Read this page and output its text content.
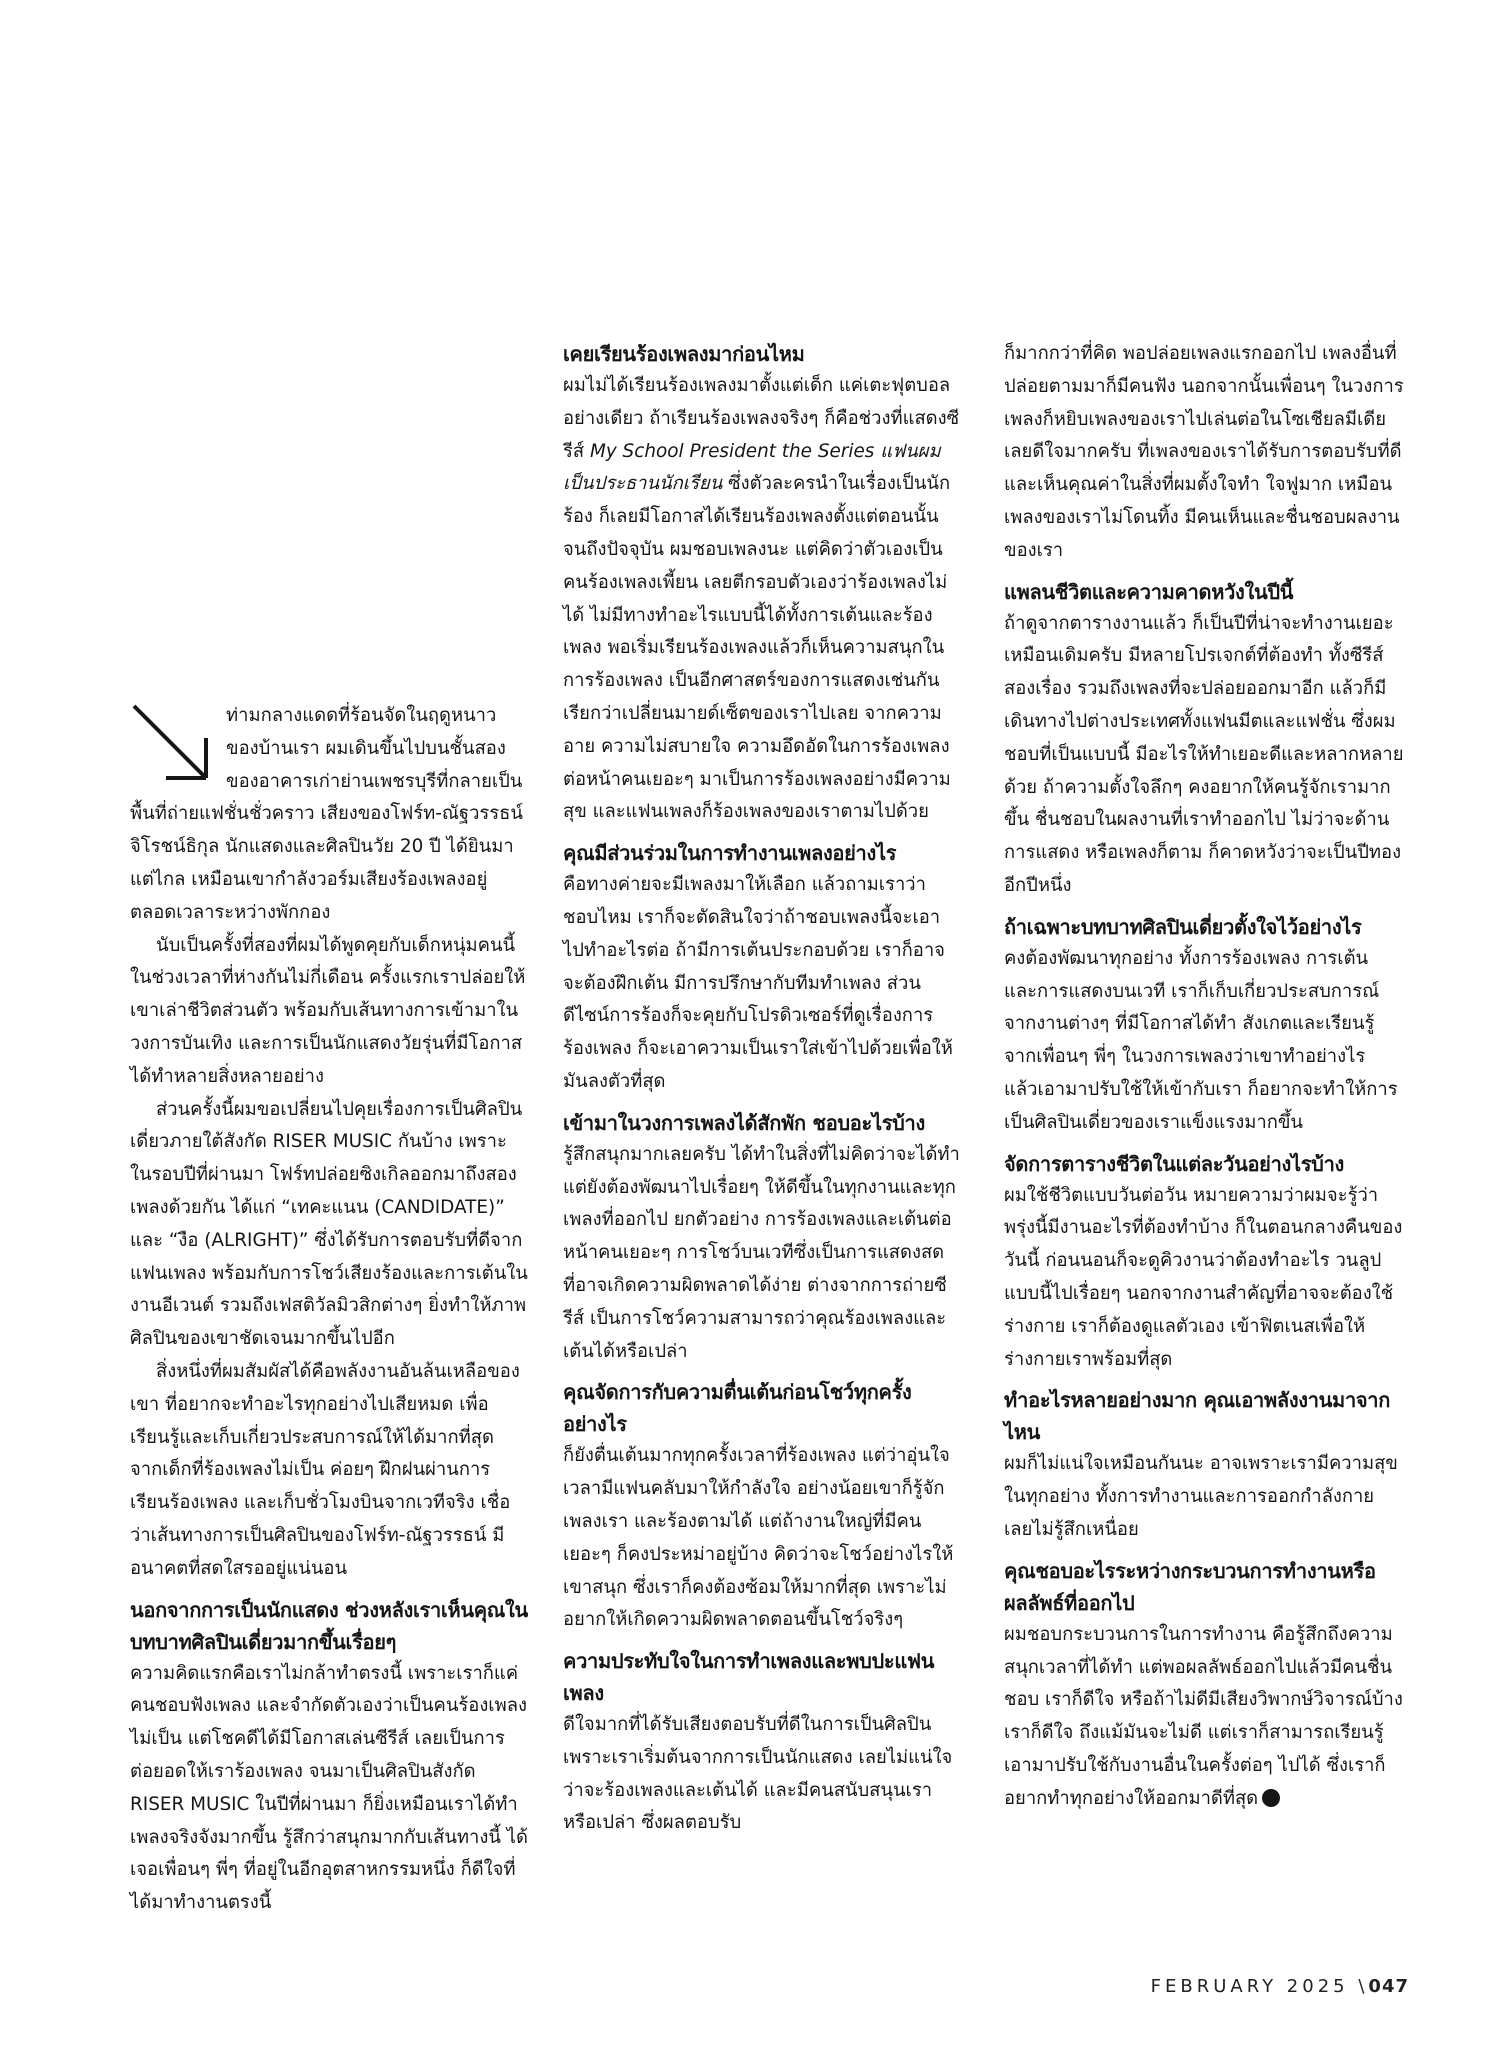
ท่ามกลางแดดที่ร้อนจัดในฤดูหนาวของบ้านเรา ผมเดินขึ้นไปบนชั้นสองของอาคารเก่าย่านเพชรบุรีที่กลายเป็นพื้นที่ถ่ายแฟชั่นชั่วคราว เสียงของโฟร์ท-ณัฐวรรธน์ จิโรชน์ธิกุล นักแสดงและศิลปินวัย 20 ปี ได้ยินมาแต่ไกล เหมือนเขากำลังวอร์มเสียงร้องเพลงอยู่ตลอดเวลาระหว่างพักกอง

นับเป็นครั้งที่สองที่ผมได้พูดคุยกับเด็กหนุ่มคนนี้ ในช่วงเวลาที่ห่างกันไม่กี่เดือน ครั้งแรกเราปล่อยให้เขาเล่าชีวิตส่วนตัว พร้อมกับเส้นทางการเข้ามาในวงการบันเทิง และการเป็นนักแสดงวัยรุ่นที่มีโอกาสได้ทำหลายสิ่งหลายอย่าง

ส่วนครั้งนี้ผมขอเปลี่ยนไปคุยเรื่องการเป็นศิลปินเดี่ยวภายใต้สังกัด RISER MUSIC กันบ้าง เพราะในรอบปีที่ผ่านมา โฟร์ทปล่อยซิงเกิลออกมาถึงสองเพลงด้วยกัน ได้แก่ “เทคะแนน (CANDIDATE)” และ “งือ (ALRIGHT)” ซึ่งได้รับการตอบรับที่ดีจากแฟนเพลง พร้อมกับการโชว์เสียงร้องและการเต้นในงานอีเวนต์ รวมถึงเฟสติวัลมิวสิกต่างๆ ยิ่งทำให้ภาพศิลปินของเขาชัดเจนมากขึ้นไปอีก

สิ่งหนึ่งที่ผมสัมผัสได้คือพลังงานอันล้นเหลือของเขา ที่อยากจะทำอะไรทุกอย่างไปเสียหมด เพื่อเรียนรู้และเก็บเกี่ยวประสบการณ์ให้ได้มากที่สุด จากเด็กที่ร้องเพลงไม่เป็น ค่อยๆ ฝึกฝนผ่านการเรียนร้องเพลง และเก็บชั่วโมงบินจากเวทีจริง เชื่อว่าเส้นทางการเป็นศิลปินของโฟร์ท-ณัฐวรรธน์ มีอนาคตที่สดใสรออยู่แน่นอน

นอกจากการเป็นนักแสดง ช่วงหลังเราเห็นคุณในบทบาทศิลปินเดี่ยวมากขึ้นเรื่อยๆ

ความคิดแรกคือเราไม่กล้าทำตรงนี้ เพราะเราก็แค่คนชอบฟังเพลง และจำกัดตัวเองว่าเป็นคนร้องเพลงไม่เป็น แต่โชคดีได้มีโอกาสเล่นซีรีส์ เลยเป็นการต่อยอดให้เราร้องเพลง จนมาเป็นศิลปินสังกัด RISER MUSIC ในปีที่ผ่านมา ก็ยิ่งเหมือนเราได้ทำเพลงจริงจังมากขึ้น รู้สึกว่าสนุกมากกับเส้นทางนี้ ได้เจอเพื่อนๆ พี่ๆ ที่อยู่ในอีกอุตสาหกรรมหนึ่ง ก็ดีใจที่ได้มาทำงานตรงนี้

เคยเรียนร้องเพลงมาก่อนไหม

ผมไม่ได้เรียนร้องเพลงมาตั้งแต่เด็ก แค่เตะฟุตบอลอย่างเดียว ถ้าเรียนร้องเพลงจริงๆ ก็คือช่วงที่แสดงซีรีส์ My School President the Series แฟนผมเป็นประธานนักเรียน ซึ่งตัวละครนำในเรื่องเป็นนักร้อง ก็เลยมีโอกาสได้เรียนร้องเพลงตั้งแต่ตอนนั้นจนถึงปัจจุบัน ผมชอบเพลงนะ แต่คิดว่าตัวเองเป็นคนร้องเพลงเพี้ยน เลยตีกรอบตัวเองว่าร้องเพลงไม่ได้ ไม่มีทางทำอะไรแบบนี้ได้ทั้งการเต้นและร้องเพลง พอเริ่มเรียนร้องเพลงแล้วก็เห็นความสนุกในการร้องเพลง เป็นอีกศาสตร์ของการแสดงเช่นกัน เรียกว่าเปลี่ยนมายด์เซ็ตของเราไปเลย จากความอาย ความไม่สบายใจ ความอึดอัดในการร้องเพลงต่อหน้าคนเยอะๆ มาเป็นการร้องเพลงอย่างมีความสุข และแฟนเพลงก็ร้องเพลงของเราตามไปด้วย

คุณมีส่วนร่วมในการทำงานเพลงอย่างไร

คือทางค่ายจะมีเพลงมาให้เลือก แล้วถามเราว่าชอบไหม เราก็จะตัดสินใจว่าถ้าชอบเพลงนี้จะเอาไปทำอะไรต่อ ถ้ามีการเต้นประกอบด้วย เราก็อาจจะต้องฝึกเต้น มีการปรึกษากับทีมทำเพลง ส่วนดีไซน์การร้องก็จะคุยกับโปรดิวเซอร์ที่ดูเรื่องการร้องเพลง ก็จะเอาความเป็นเราใส่เข้าไปด้วยเพื่อให้มันลงตัวที่สุด

เข้ามาในวงการเพลงได้สักพัก ชอบอะไรบ้าง

รู้สึกสนุกมากเลยครับ ได้ทำในสิ่งที่ไม่คิดว่าจะได้ทำ แต่ยังต้องพัฒนาไปเรื่อยๆ ให้ดีขึ้นในทุกงานและทุกเพลงที่ออกไป ยกตัวอย่าง การร้องเพลงและเต้นต่อหน้าคนเยอะๆ การโชว์บนเวทีซึ่งเป็นการแสดงสด ที่อาจเกิดความผิดพลาดได้ง่าย ต่างจากการถ่ายซีรีส์ เป็นการโชว์ความสามารถว่าคุณร้องเพลงและเต้นได้หรือเปล่า

คุณจัดการกับความตื่นเต้นก่อนโชว์ทุกครั้งอย่างไร

ก็ยังตื่นเต้นมากทุกครั้งเวลาที่ร้องเพลง แต่ว่าอุ่นใจเวลามีแฟนคลับมาให้กำลังใจ อย่างน้อยเขาก็รู้จักเพลงเรา และร้องตามได้ แต่ถ้างานใหญ่ที่มีคนเยอะๆ ก็คงประหม่าอยู่บ้าง คิดว่าจะโชว์อย่างไรให้เขาสนุก ซึ่งเราก็คงต้องซ้อมให้มากที่สุด เพราะไม่อยากให้เกิดความผิดพลาดตอนขึ้นโชว์จริงๆ

ความประทับใจในการทำเพลงและพบปะแฟนเพลง

ดีใจมากที่ได้รับเสียงตอบรับที่ดีในการเป็นศิลปิน เพราะเราเริ่มต้นจากการเป็นนักแสดง เลยไม่แน่ใจว่าจะร้องเพลงและเต้นได้ และมีคนสนับสนุนเราหรือเปล่า ซึ่งผลตอบรับ

ก็มากกว่าที่คิด พอปล่อยเพลงแรกออกไป เพลงอื่นที่ปล่อยตามมาก็มีคนฟัง นอกจากนั้นเพื่อนๆ ในวงการเพลงก็หยิบเพลงของเราไปเล่นต่อในโซเชียลมีเดีย เลยดีใจมากครับ ที่เพลงของเราได้รับการตอบรับที่ดี และเห็นคุณค่าในสิ่งที่ผมตั้งใจทำ ใจฟูมาก เหมือนเพลงของเราไม่โดนทิ้ง มีคนเห็นและชื่นชอบผลงานของเรา

แพลนชีวิตและความคาดหวังในปีนี้

ถ้าดูจากตารางงานแล้ว ก็เป็นปีที่น่าจะทำงานเยอะเหมือนเดิมครับ มีหลายโปรเจกต์ที่ต้องทำ ทั้งซีรีส์สองเรื่อง รวมถึงเพลงที่จะปล่อยออกมาอีก แล้วก็มีเดินทางไปต่างประเทศทั้งแฟนมีตและแฟชั่น ซึ่งผมชอบที่เป็นแบบนี้ มีอะไรให้ทำเยอะดีและหลากหลายด้วย ถ้าความตั้งใจลึกๆ คงอยากให้คนรู้จักเรามากขึ้น ชื่นชอบในผลงานที่เราทำออกไป ไม่ว่าจะด้านการแสดง หรือเพลงก็ตาม ก็คาดหวังว่าจะเป็นปีทองอีกปีหนึ่ง

ถ้าเฉพาะบทบาทศิลปินเดี่ยวตั้งใจไว้อย่างไร

คงต้องพัฒนาทุกอย่าง ทั้งการร้องเพลง การเต้น และการแสดงบนเวที เราก็เก็บเกี่ยวประสบการณ์จากงานต่างๆ ที่มีโอกาสได้ทำ สังเกตและเรียนรู้จากเพื่อนๆ พี่ๆ ในวงการเพลงว่าเขาทำอย่างไร แล้วเอามาปรับใช้ให้เข้ากับเรา ก็อยากจะทำให้การเป็นศิลปินเดี่ยวของเราแข็งแรงมากขึ้น

จัดการตารางชีวิตในแต่ละวันอย่างไรบ้าง

ผมใช้ชีวิตแบบวันต่อวัน หมายความว่าผมจะรู้ว่าพรุ่งนี้มีงานอะไรที่ต้องทำบ้าง ก็ในตอนกลางคืนของวันนี้ ก่อนนอนก็จะดูคิวงานว่าต้องทำอะไร วนลูปแบบนี้ไปเรื่อยๆ นอกจากงานสำคัญที่อาจจะต้องใช้ร่างกาย เราก็ต้องดูแลตัวเอง เข้าฟิตเนสเพื่อให้ร่างกายเราพร้อมที่สุด

ทำอะไรหลายอย่างมาก คุณเอาพลังงานมาจากไหน

ผมก็ไม่แน่ใจเหมือนกันนะ อาจเพราะเรามีความสุขในทุกอย่าง ทั้งการทำงานและการออกกำลังกาย เลยไม่รู้สึกเหนื่อย

คุณชอบอะไรระหว่างกระบวนการทำงานหรือผลลัพธ์ที่ออกไป

ผมชอบกระบวนการในการทำงาน คือรู้สึกถึงความสนุกเวลาที่ได้ทำ แต่พอผลลัพธ์ออกไปแล้วมีคนชื่นชอบ เราก็ดีใจ หรือถ้าไม่ดีมีเสียงวิพากษ์วิจารณ์บ้าง เราก็ดีใจ ถึงแม้มันจะไม่ดี แต่เราก็สามารถเรียนรู้เอามาปรับใช้กับงานอื่นในครั้งต่อๆ ไปได้ ซึ่งเราก็อยากทำทุกอย่างให้ออกมาดีที่สุด

FEBRUARY 2025 \047
